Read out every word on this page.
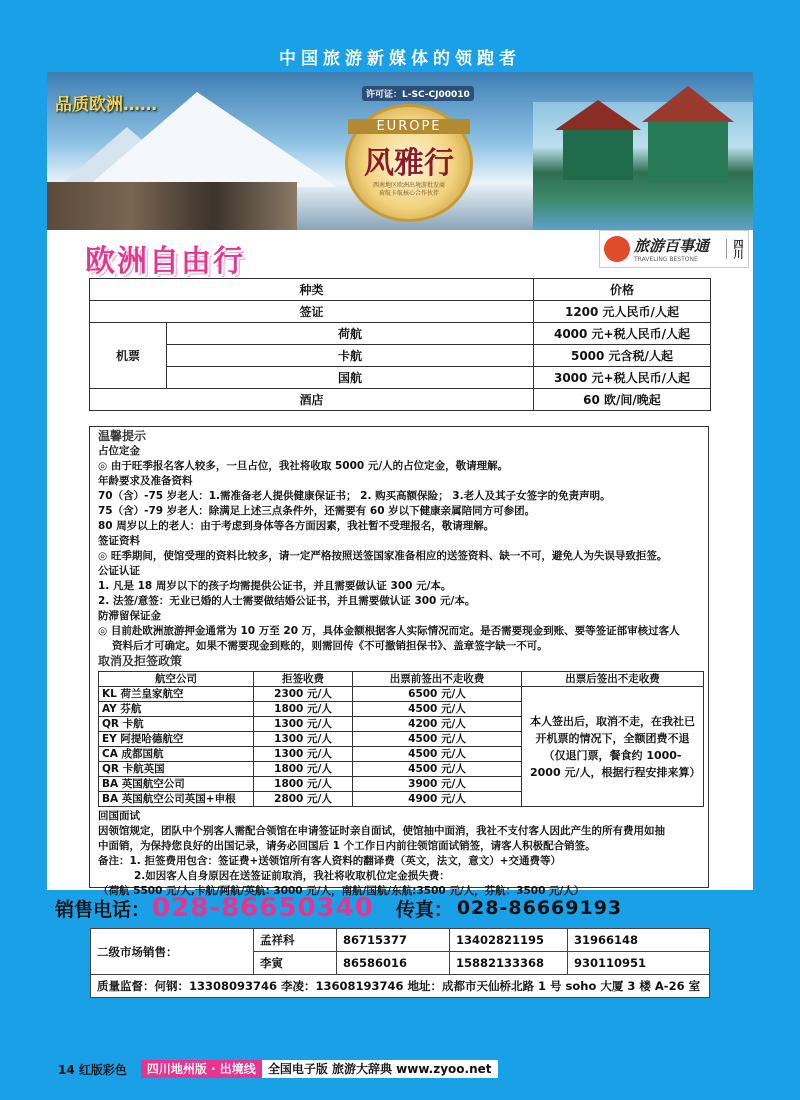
中国旅游新媒体的领跑者
品质欧洲……	许可证：L-SC-CJ00010
EUROPE
风雅行
西南地区欧洲出境游批发商
荷航卡航核心合作伙伴
欧洲自由行	旅游百事通
TRAVELING BESTONE
四川
种类		价格
签证		1200 元人民币/人起
机票	荷航	4000 元+税人民币/人起
	卡航	5000 元含税/人起
	国航	3000 元+税人民币/人起
酒店		60 欧/间/晚起

温馨提示

占位定金

◎ 由于旺季报名客人较多，一旦占位，我社将收取 5000 元/人的占位定金，敬请理解。

年龄要求及准备资料

70（含）-75 岁老人：1.需准备老人提供健康保证书； 2. 购买高额保险； 3.老人及其子女签字的免责声明。

75（含）-79 岁老人：除满足上述三点条件外，还需要有 60 岁以下健康亲属陪同方可参团。

80 周岁以上的老人：由于考虑到身体等各方面因素，我社暂不受理报名，敬请理解。

签证资料

◎ 旺季期间，使馆受理的资料比较多，请一定严格按照送签国家准备相应的送签资料、缺一不可，避免人为失误导致拒签。

公证认证

1. 凡是 18 周岁以下的孩子均需提供公证书，并且需要做认证 300 元/本。

2. 法签/意签：无业已婚的人士需要做结婚公证书，并且需要做认证 300 元/本。

防滞留保证金

◎ 目前赴欧洲旅游押金通常为 10 万至 20 万，具体金额根据客人实际情况而定。是否需要现金到账、要等签证部审核过客人

资料后才可确定。如果不需要现金到账的，则需回传《不可撤销担保书》、盖章签字缺一不可。

取消及拒签政策

航空公司	拒签收费	出票前签出不走收费	出票后签出不走收费
KL 荷兰皇家航空	2300 元/人	6500 元/人	本人签出后，取消不走，在我社已开机票的情况下，全额团费不退（仅退门票，餐食约 1000-2000 元/人，根据行程安排来算）
AY 芬航	1800 元/人	4500 元/人	
QR 卡航	1300 元/人	4200 元/人	
EY 阿提哈德航空	1300 元/人	4500 元/人	
CA 成都国航	1300 元/人	4500 元/人	
QR 卡航英国	1800 元/人	4500 元/人	
BA 英国航空公司	1800 元/人	3900 元/人	
BA 英国航空公司英国+申根	2800 元/人	4900 元/人	

回国面试

因领馆规定，团队中个别客人需配合领馆在申请签证时亲自面试，使馆抽中面消，我社不支付客人因此产生的所有费用如抽

中面销，为保持您良好的出国记录，请务必回国后 1 个工作日内前往领馆面试销签，请客人积极配合销签。

备注：1. 拒签费用包含：签证费+送领馆所有客人资料的翻译费（英文，法文，意文）+交通费等）

2.如因客人自身原因在送签证前取消，我社将收取机位定金损失费：

（荷航 5500 元/人,卡航/阿航/英航: 3000 元/人，南航/国航/东航:3500 元/人，芬航：3500 元/人）

销售电话： 028-86650340 传真： 028-86669193
二级市场销售：	孟祥科	86715377	13402821195	31966148
	李寅	86586016	15882133368	930110951
质量监督：何钢：13308093746 李凌：13608193746 地址：成都市天仙桥北路 1 号 soho 大厦 3 楼 A-26 室				
14 红版彩色	四川地州版 · 出境线	全国电子版 旅游大辞典 www.zyoo.net
